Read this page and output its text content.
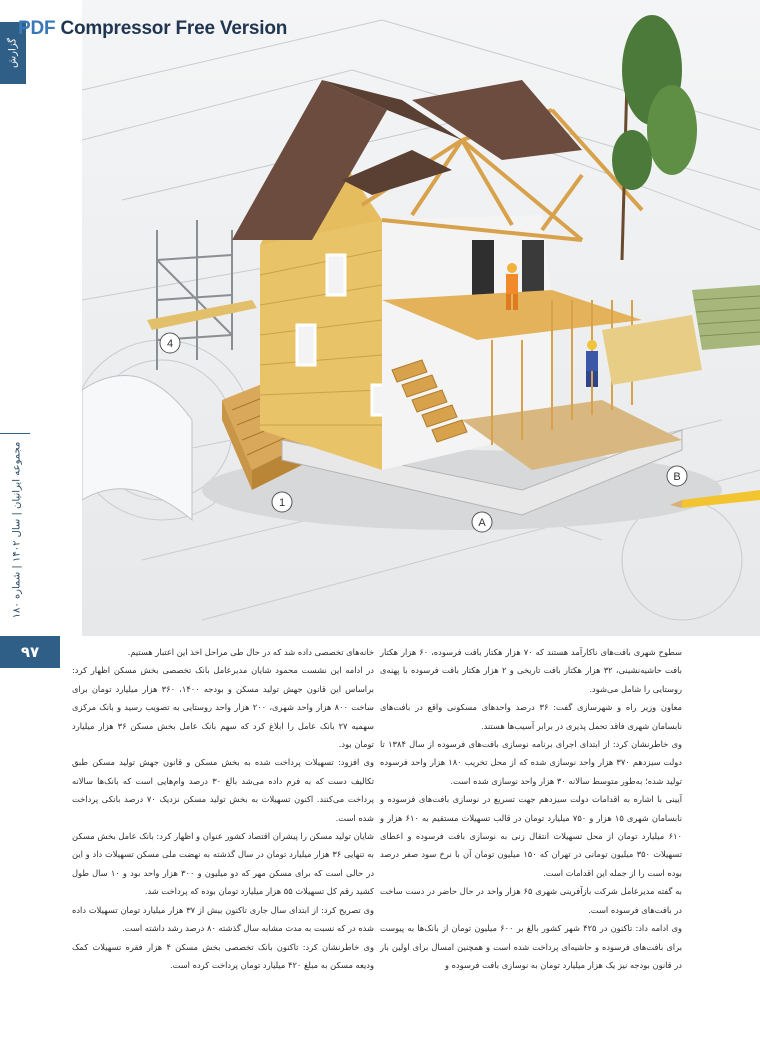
PDF Compressor Free Version
گزارش
1
A
B
4
مجموعه ایرانیان | سال ۱۴۰۲ | شماره ۱۸۰
۹۷	سطوح شهری بافت‌های ناکارآمد هستند که ۷۰ هزار هکتار بافت فرسوده، ۶۰ هزار هکتار بافت حاشیه‌نشینی، ۳۲ هزار هکتار بافت تاریخی و ۲ هزار هکتار بافت فرسوده با پهنه‌ی روستایی را شامل می‌شود.

معاون وزیر راه و شهرسازی گفت: ۳۶ درصد واحدهای مسکونی واقع در بافت‌های نابسامان شهری فاقد تحمل پذیری در برابر آسیب‌ها هستند.

وی خاطرنشان کرد: از ابتدای اجرای برنامه نوسازی بافت‌های فرسوده از سال ۱۳۸۴ تا دولت سیزدهم ۳۷۰ هزار واحد نوسازی شده که از محل تخریب ۱۸۰ هزار واحد فرسوده تولید شده؛ به‌طور متوسط سالانه ۳۰ هزار واحد نوسازی شده است.

آیینی با اشاره به اقدامات دولت سیزدهم جهت تسریع در نوسازی بافت‌های فرسوده و نابسامان شهری ۱۵ هزار و ۷۵۰ میلیارد تومان در قالب تسهیلات مستقیم به ۶۱۰ هزار و ۶۱۰ میلیارد تومان از محل تسهیلات انتقال زنی به نوسازی بافت فرسوده و اعطای تسهیلات ۳۵۰ میلیون تومانی در تهران که ۱۵۰ میلیون تومان آن با نرخ سود صفر درصد بوده است را از جمله این اقدامات است.

به گفته مدیرعامل شرکت بازآفرینی شهری ۶۵ هزار واحد در حال حاضر در دست ساخت در بافت‌های فرسوده است.

وی ادامه داد: تاکنون در ۴۲۵ شهر کشور بالغ بر ۶۰۰ میلیون تومان از بانک‌ها به پیوست برای بافت‌های فرسوده و حاشیه‌ای پرداخت شده است و همچنین امسال برای اولین بار در قانون بودجه نیز یک هزار میلیارد تومان به نوسازی بافت فرسوده و

خانه‌های تخصصی داده شد که در حال طی مراحل اخذ این اعتبار هستیم.

در ادامه این نشست محمود شایان مدیرعامل بانک تخصصی بخش مسکن اظهار کرد: براساس این قانون جهش تولید مسکن و بودجه ۱۴۰۰، ۳۶۰ هزار میلیارد تومان برای ساخت ۸۰۰ هزار واحد شهری، ۲۰۰ هزار واحد روستایی به تصویب رسید و بانک مرکزی سهمیه ۲۷ بانک عامل را ابلاغ کرد که سهم بانک عامل بخش مسکن ۳۶ هزار میلیارد تومان بود.

وی افزود: تسهیلات پرداخت شده به بخش مسکن و قانون جهش تولید مسکن طبق تکالیف دست که به فرم داده می‌شد بالغ ۳۰ درصد وام‌هایی است که بانک‌ها سالانه پرداخت می‌کنند. اکنون تسهیلات به بخش تولید مسکن نزدیک ۷۰ درصد بانکی پرداخت شده است.

شایان تولید مسکن را پیشران اقتصاد کشور عنوان و اظهار کرد: بانک عامل بخش مسکن به تنهایی ۳۶ هزار میلیارد تومان در سال گذشته به نهضت ملی مسکن تسهیلات داد و این در حالی است که برای مسکن مهر که دو میلیون و ۳۰۰ هزار واحد بود و ۱۰ سال طول کشید رقم کل تسهیلات ۵۵ هزار میلیارد تومان بوده که پرداخت شد.

وی تصریح کرد: از ابتدای سال جاری تاکنون بیش از ۳۷ هزار میلیارد تومان تسهیلات داده شده در که نسبت به مدت مشابه سال گذشته ۸۰ درصد رشد داشته است.

وی خاطرنشان کرد: تاکنون بانک تخصصی بخش مسکن ۴ هزار فقره تسهیلات کمک ودیعه مسکن به مبلغ ۴۲۰ میلیارد تومان پرداخت کرده است.
